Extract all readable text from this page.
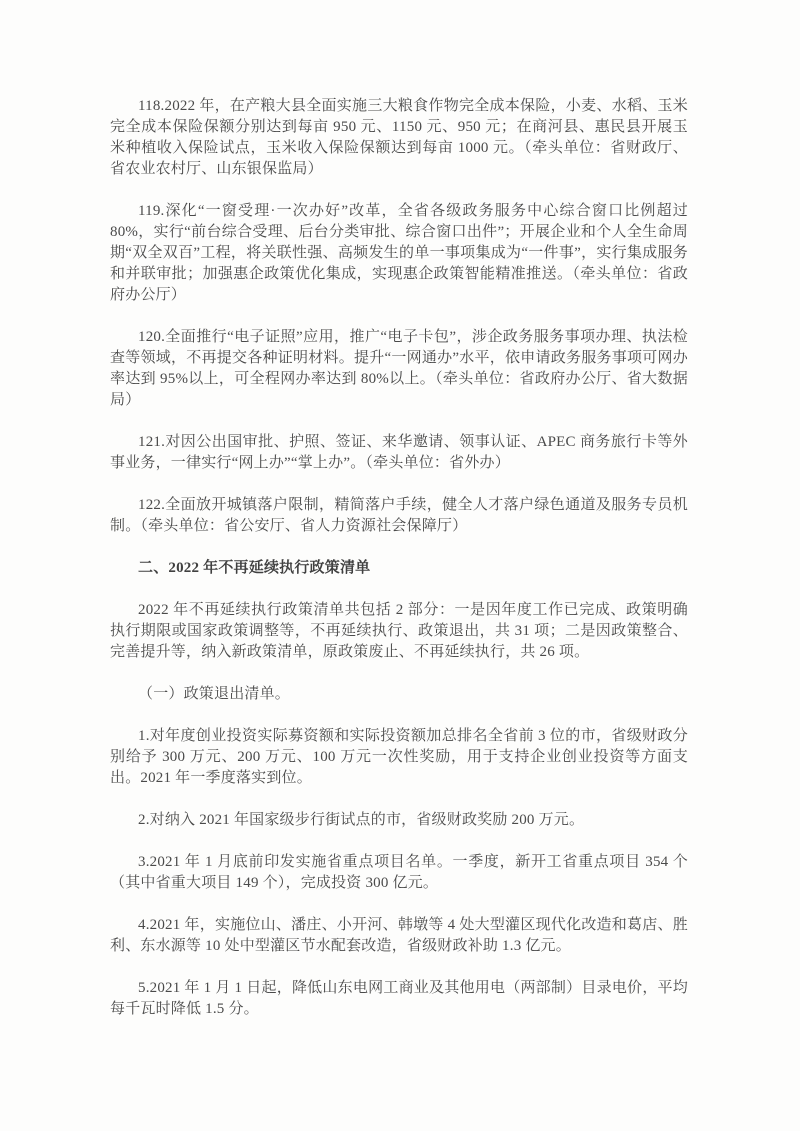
118.2022 年，在产粮大县全面实施三大粮食作物完全成本保险，小麦、水稻、玉米完全成本保险保额分别达到每亩 950 元、1150 元、950 元；在商河县、惠民县开展玉米种植收入保险试点，玉米收入保险保额达到每亩 1000 元。（牵头单位：省财政厅、省农业农村厅、山东银保监局）

119.深化“一窗受理·一次办好”改革，全省各级政务服务中心综合窗口比例超过 80%，实行“前台综合受理、后台分类审批、综合窗口出件”；开展企业和个人全生命周期“双全双百”工程，将关联性强、高频发生的单一事项集成为“一件事”，实行集成服务和并联审批；加强惠企政策优化集成，实现惠企政策智能精准推送。（牵头单位：省政府办公厅）

120.全面推行“电子证照”应用，推广“电子卡包”，涉企政务服务事项办理、执法检查等领域，不再提交各种证明材料。提升“一网通办”水平，依申请政务服务事项可网办率达到 95%以上，可全程网办率达到 80%以上。（牵头单位：省政府办公厅、省大数据局）

121.对因公出国审批、护照、签证、来华邀请、领事认证、APEC 商务旅行卡等外事业务，一律实行“网上办”“掌上办”。（牵头单位：省外办）

122.全面放开城镇落户限制，精简落户手续，健全人才落户绿色通道及服务专员机制。（牵头单位：省公安厅、省人力资源社会保障厅）

二、2022 年不再延续执行政策清单

2022 年不再延续执行政策清单共包括 2 部分：一是因年度工作已完成、政策明确执行期限或国家政策调整等，不再延续执行、政策退出，共 31 项；二是因政策整合、完善提升等，纳入新政策清单，原政策废止、不再延续执行，共 26 项。

（一）政策退出清单。

1.对年度创业投资实际募资额和实际投资额加总排名全省前 3 位的市，省级财政分别给予 300 万元、200 万元、100 万元一次性奖励，用于支持企业创业投资等方面支出。2021 年一季度落实到位。

2.对纳入 2021 年国家级步行街试点的市，省级财政奖励 200 万元。

3.2021 年 1 月底前印发实施省重点项目名单。一季度，新开工省重点项目 354 个（其中省重大项目 149 个），完成投资 300 亿元。

4.2021 年，实施位山、潘庄、小开河、韩墩等 4 处大型灌区现代化改造和葛店、胜利、东水源等 10 处中型灌区节水配套改造，省级财政补助 1.3 亿元。

5.2021 年 1 月 1 日起，降低山东电网工商业及其他用电（两部制）目录电价，平均每千瓦时降低 1.5 分。
